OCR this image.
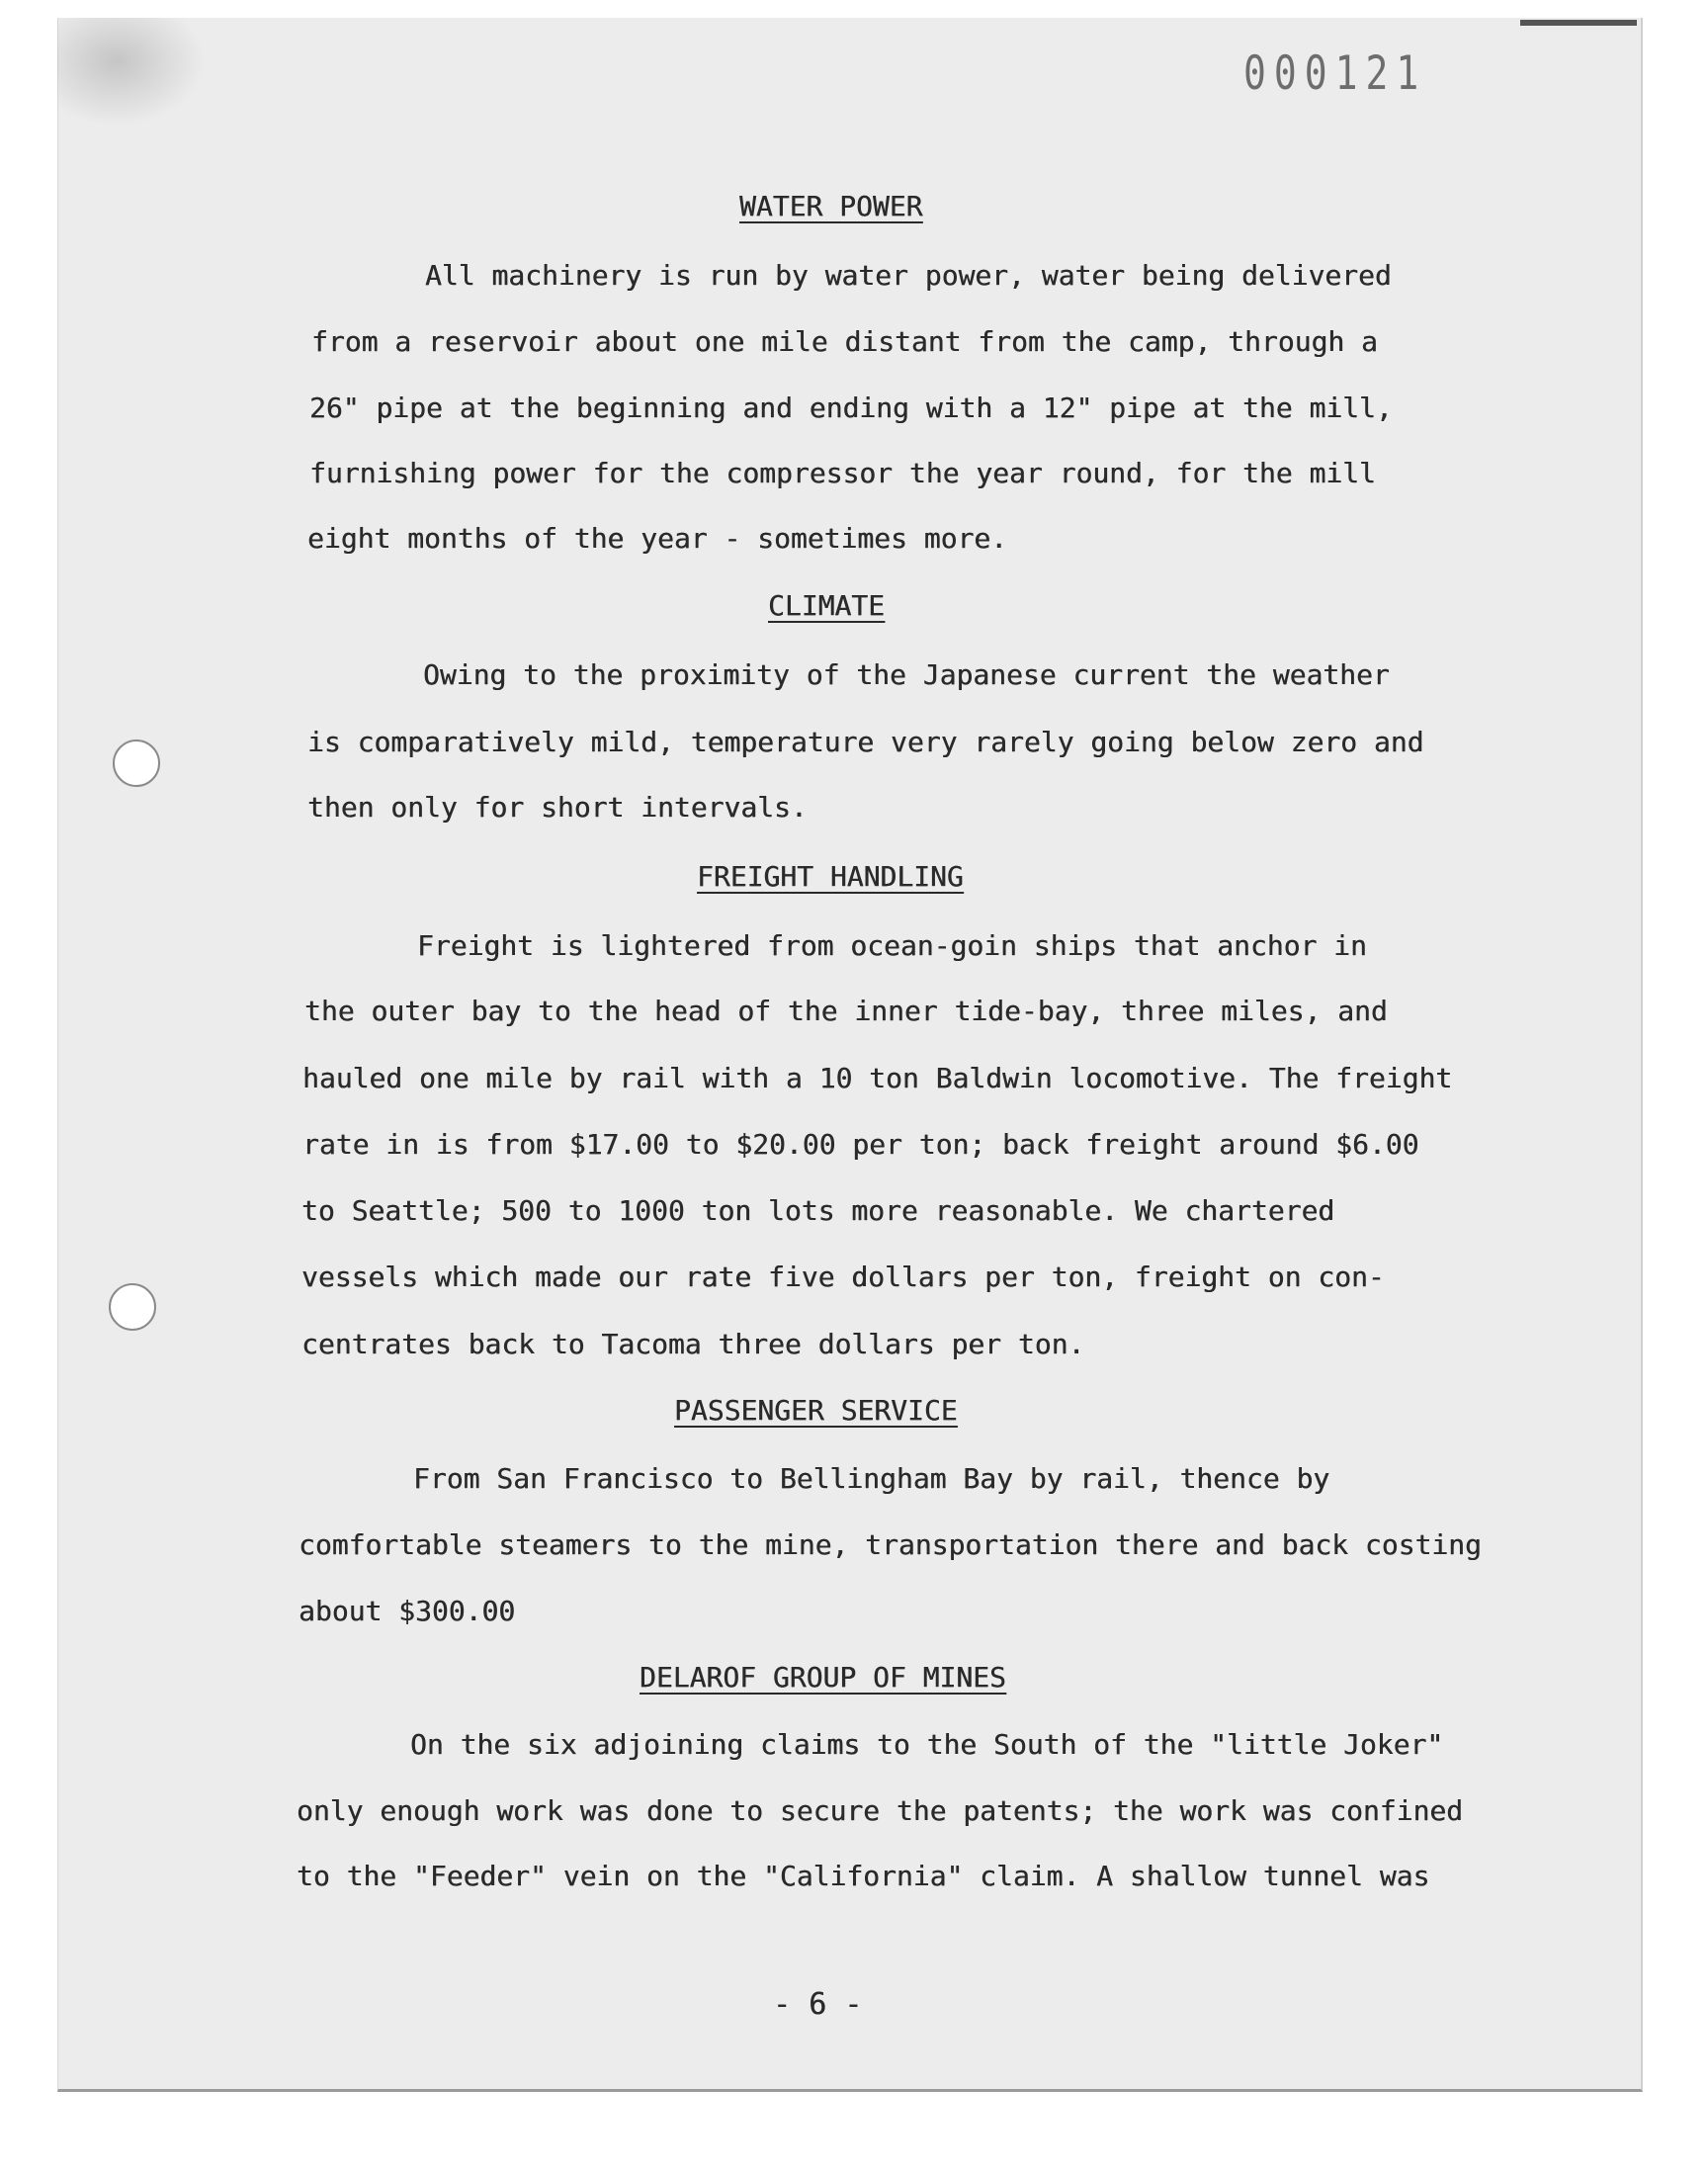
000121
WATER POWER
All machinery is run by water power, water being delivered
from a reservoir about one mile distant from the camp, through a
26" pipe at the beginning and ending with a 12" pipe at the mill,
furnishing power for the compressor the year round, for the mill
eight months of the year - sometimes more.
CLIMATE
Owing to the proximity of the Japanese current the weather
is comparatively mild, temperature very rarely going below zero and
then only for short intervals.
FREIGHT HANDLING
Freight is lightered from ocean-goin ships that anchor in
the outer bay to the head of the inner tide-bay, three miles, and
hauled one mile by rail with a 10 ton Baldwin locomotive. The freight
rate in is from $17.00 to $20.00 per ton; back freight around $6.00
to Seattle; 500 to 1000 ton lots more reasonable. We chartered
vessels which made our rate five dollars per ton, freight on con-
centrates back to Tacoma three dollars per ton.
PASSENGER SERVICE
From San Francisco to Bellingham Bay by rail, thence by
comfortable steamers to the mine, transportation there and back costing
about $300.00
DELAROF GROUP OF MINES
On the six adjoining claims to the South of the "little Joker"
only enough work was done to secure the patents; the work was confined
to the "Feeder" vein on the "California" claim. A shallow tunnel was
- 6 -
